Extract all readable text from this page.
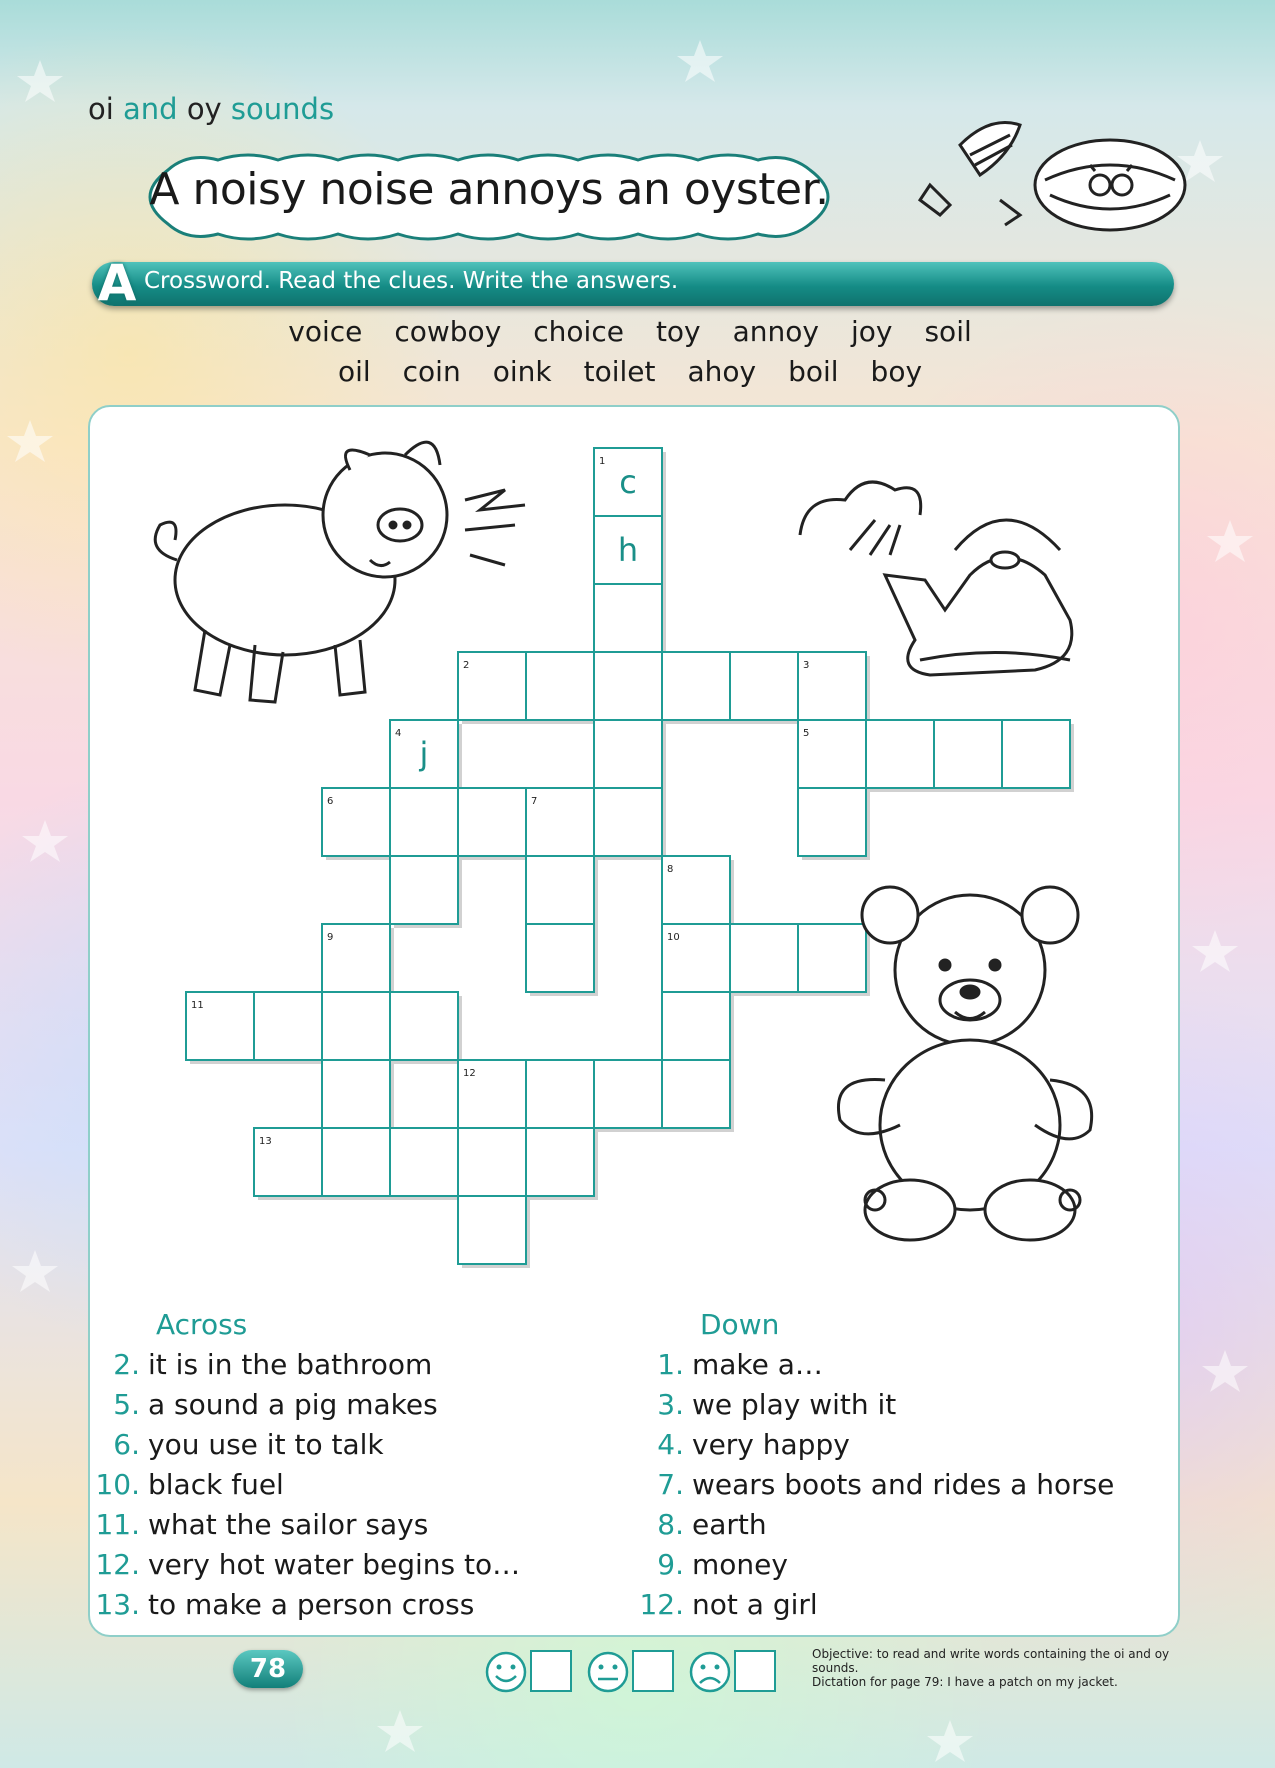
oi and oy sounds
A noisy noise annoys an oyster.
A Crossword. Read the clues. Write the answers.
voice cowboy choice toy annoy joy soil
oil coin oink toilet ahoy boil boy
1
2	3
4	5
6	7
8
9	10
11
12
13
c
h
j
Across	Down
2. it is in the bathroom
5. a sound a pig makes
6. you use it to talk
10. black fuel
11. what the sailor says
12. very hot water begins to…
13. to make a person cross
1. make a…
3. we play with it
4. very happy
7. wears boots and rides a horse
8. earth
9. money
12. not a girl
78	Objective: to read and write words containing the oi and oy sounds.
Dictation for page 79: I have a patch on my jacket.
